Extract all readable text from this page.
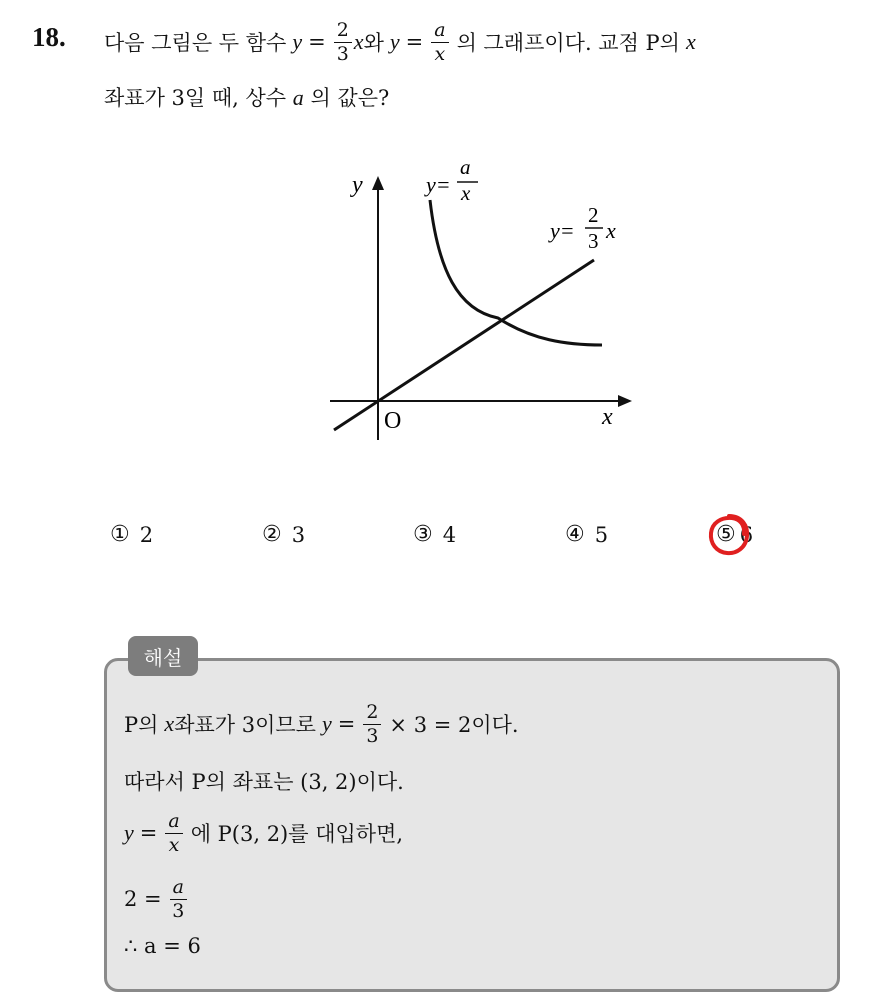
18. 다음 그림은 두 함수 $y = \frac{2}{3}$ x 와 $y = \frac{a}{x}$ 의 그래프이다. 교점 P의 x
좌표가 3일 때, 상수 a 의 값은?
y
x
O
y=
a
x
y=
2
3 x
① 2	② 3	③ 4	④ 5	⑤ 6
해설
P의 x 좌표가 3이므로 $y = \frac{2}{3} \times 3 = 2$이다.
따라서 P의 좌표는 (3, 2)이다.
$y = \frac{a}{x}$ 에 P(3, 2)를 대입하면,
$2 = \frac{a}{3}$
∴ a = 6
